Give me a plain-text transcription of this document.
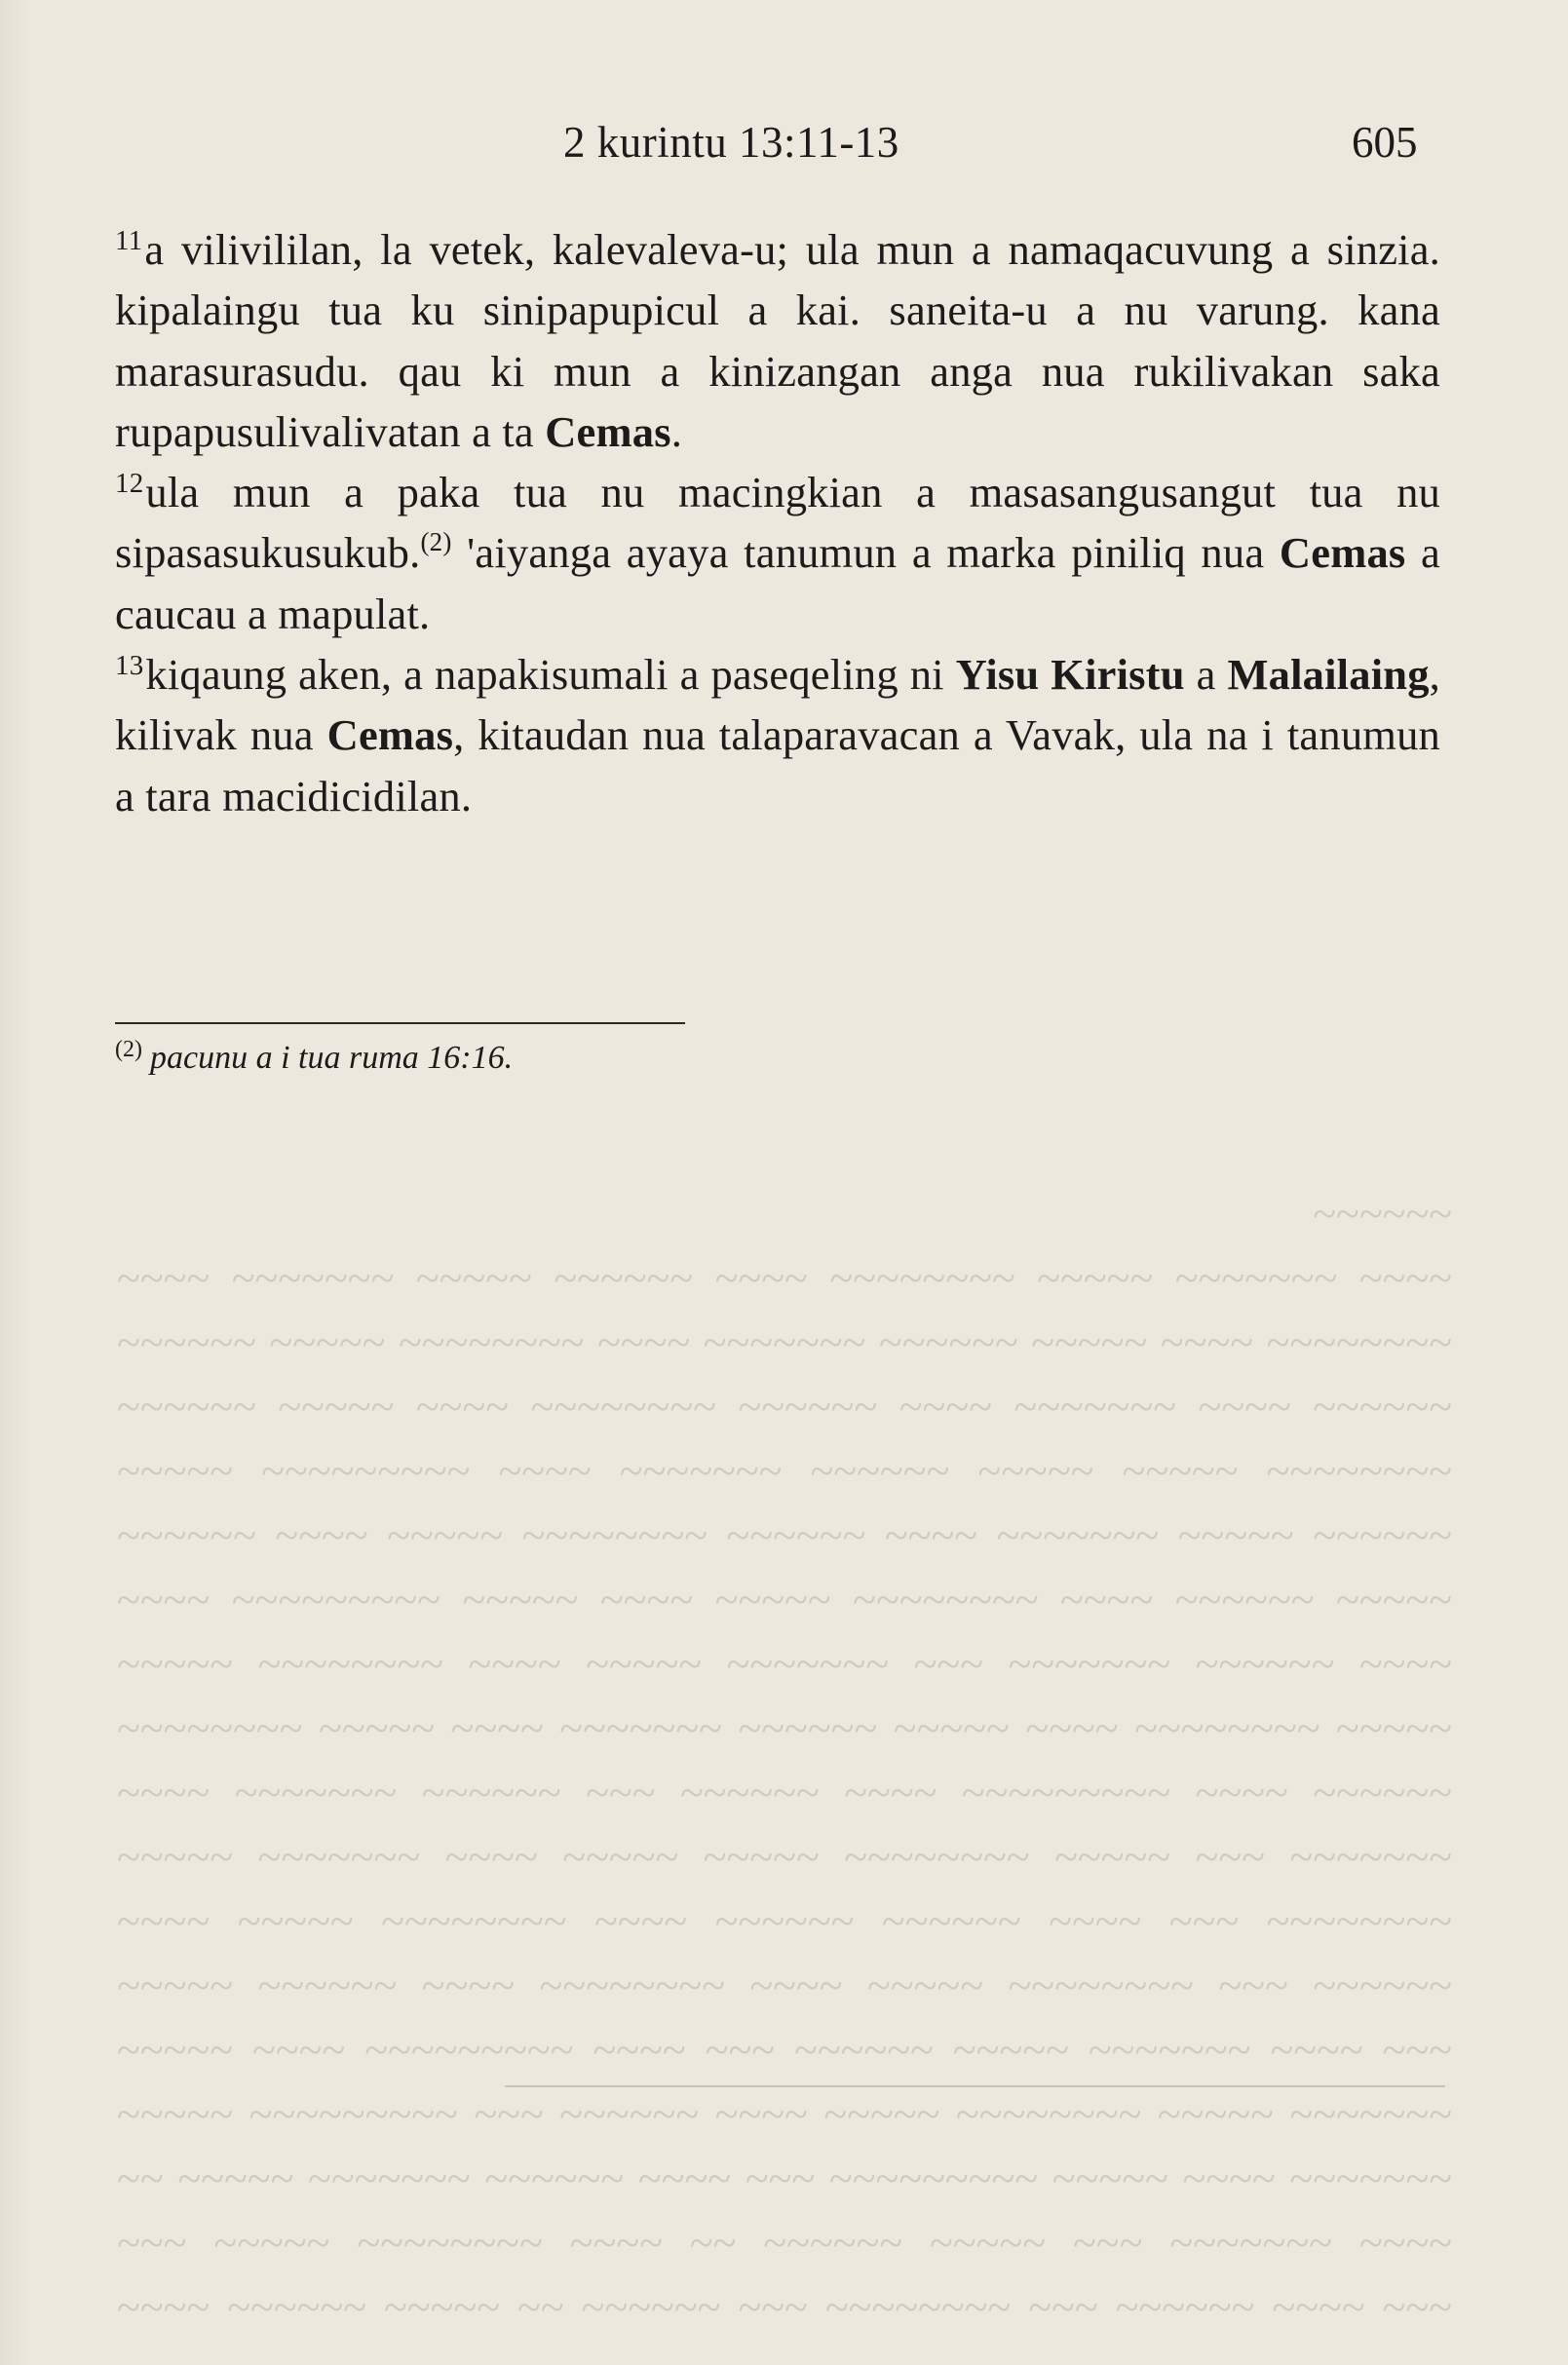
~~~ ~~~~ ~~~~~~ ~~~ ~~~~~~~~ ~~~ ~~~~~~ ~~ ~~~~~ ~~~~~~ ~~~~ ~~~~ ~~~~~~~ ~~~ ~~~~~ ~~~~~~ ~~ ~~~~ ~~~~~~~~ ~~~~~ ~~~ ~~~~~~~ ~~~~ ~~~~~ ~~~~~~~~~ ~~~ ~~~~ ~~~~~~ ~~~~~~~ ~~~~~ ~~ ~~~~~~~ ~~~~~ ~~~~~~~~ ~~~~~ ~~~~ ~~~~~~ ~~~ ~~~~~~~~~ ~~~~~ ~~~ ~~~~ ~~~~~~~ ~~~~~ ~~~~~~ ~~~ ~~~~ ~~~~~~~~~ ~~~~ ~~~~~ ~~~~~~ ~~~ ~~~~~~~~ ~~~~~ ~~~~ ~~~~~~~~ ~~~~ ~~~~~~ ~~~~~ ~~~~~~~~ ~~~ ~~~~ ~~~~~~ ~~~~~~ ~~~~ ~~~~~~~~ ~~~~~ ~~~~ ~~~~~~~ ~~~ ~~~~~ ~~~~~~~~ ~~~~~ ~~~~~ ~~~~ ~~~~~~~ ~~~~~ ~~~~~~ ~~~~ ~~~~~~~~~ ~~~~ ~~~~~~ ~~~ ~~~~~~ ~~~~~~~ ~~~~ ~~~~~ ~~~~~~~~ ~~~~ ~~~~~ ~~~~~~ ~~~~~~~ ~~~~ ~~~~~ ~~~~~~~~ ~~~~ ~~~~~~ ~~~~~~~ ~~~ ~~~~~~~ ~~~~~ ~~~~ ~~~~~~~~ ~~~~~ ~~~~~ ~~~~~~ ~~~~ ~~~~~~~~ ~~~~~ ~~~~ ~~~~~ ~~~~~~~~~ ~~~~ ~~~~~~ ~~~~~ ~~~~~~~ ~~~~ ~~~~~~ ~~~~~~~~ ~~~~~ ~~~~ ~~~~~~ ~~~~~~~~ ~~~~~ ~~~~~ ~~~~~~ ~~~~~~~ ~~~~ ~~~~~~~~~ ~~~~~ ~~~~~~ ~~~~ ~~~~~~~ ~~~~ ~~~~~~ ~~~~~~~~ ~~~~ ~~~~~ ~~~~~~ ~~~~~~~~ ~~~~ ~~~~~ ~~~~~~ ~~~~~~~ ~~~~ ~~~~~~~~ ~~~~~ ~~~~~~ ~~~~ ~~~~~~~ ~~~~~ ~~~~~~~~ ~~~~ ~~~~~~ ~~~~~ ~~~~~~~ ~~~~ ~~~~~~

2 kurintu 13:11-13	605

$^{11}$a vilivililan, la vetek, kalevaleva-u; ula mun a namaqacuvung a sinzia. kipalaingu tua ku sinipapupicul a kai. saneita-u a nu varung. kana marasurasudu. qau ki mun a kinizangan anga nua rukilivakan saka rupapusulivalivatan a ta Cemas.

$^{12}$ula mun a paka tua nu macingkian a masasangusangut tua nu sipasasukusukub.$^{(2)}$ 'aiyanga ayaya tanumun a marka piniliq nua Cemas a caucau a mapulat.

$^{13}$kiqaung aken, a napakisumali a paseqeling ni Yisu Kiristu a Malailaing, kilivak nua Cemas, kitaudan nua talaparavacan a Vavak, ula na i tanumun a tara macidicidilan.

$^{(2)}$ pacunu a i tua ruma 16:16.
